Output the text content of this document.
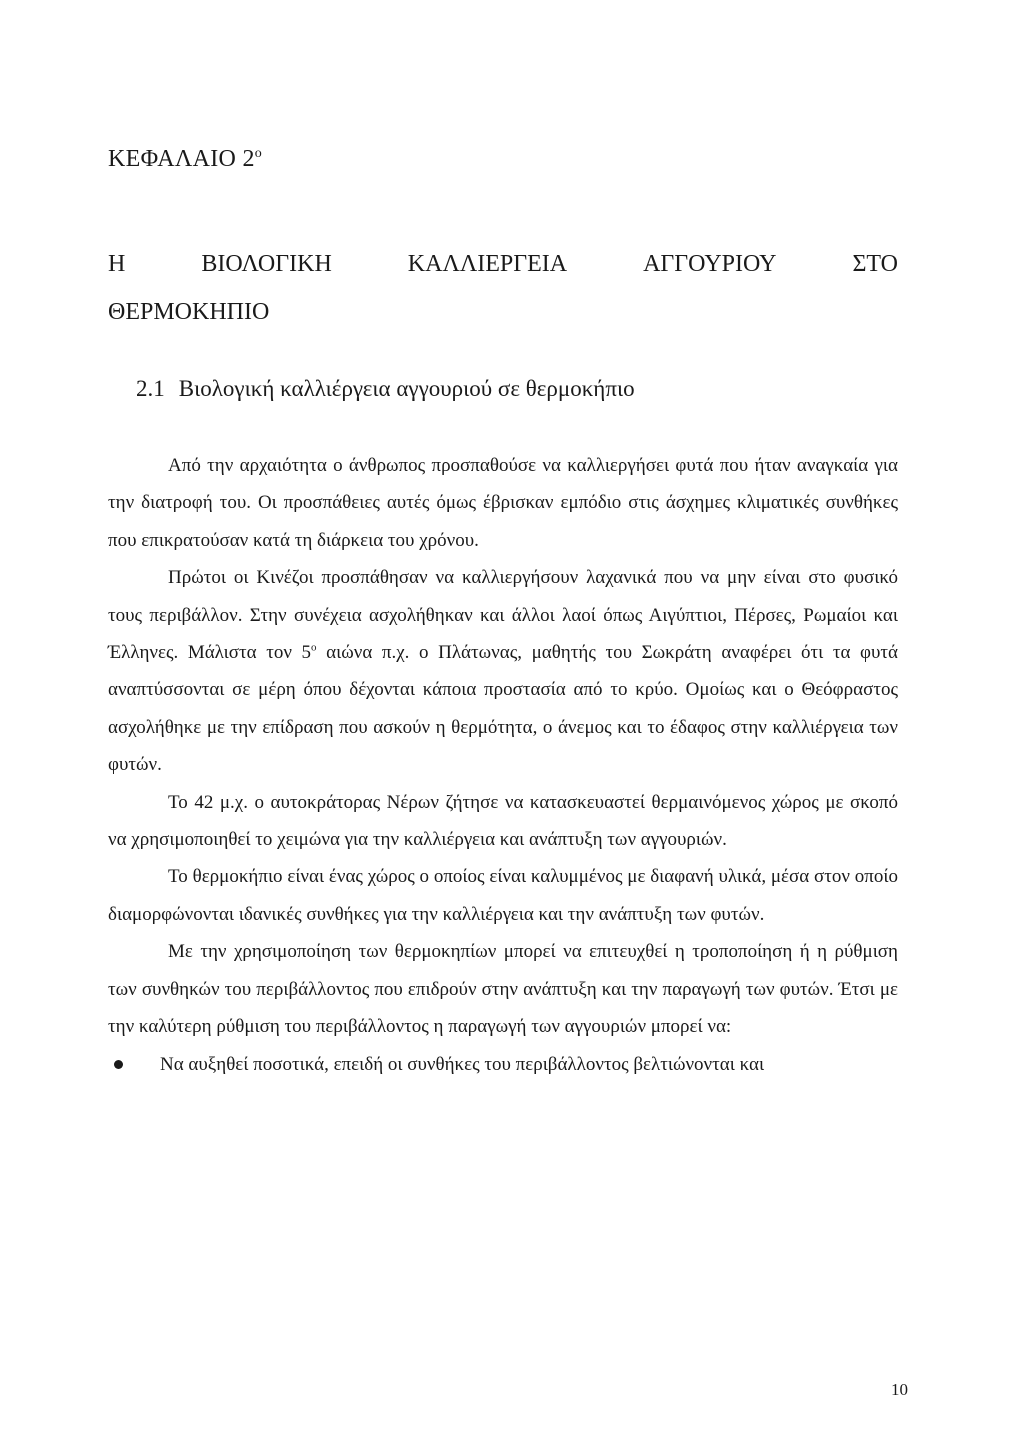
ΚΕΦΑΛΑΙΟ $2^o$
Η	ΒΙΟΛΟΓΙΚΗ	ΚΑΛΛΙΕΡΓΕΙΑ	ΑΓΓΟΥΡΙΟΥ	ΣΤΟ
ΘΕΡΜΟΚΗΠΙΟ
2.1 Βιολογική καλλιέργεια αγγουριού σε θερμοκήπιο

Από την αρχαιότητα ο άνθρωπος προσπαθούσε να καλλιεργήσει φυτά που ήταν αναγκαία για την διατροφή του. Οι προσπάθειες αυτές όμως έβρισκαν εμπόδιο στις άσχημες κλιματικές συνθήκες που επικρατούσαν κατά τη διάρκεια του χρόνου.

Πρώτοι οι Κινέζοι προσπάθησαν να καλλιεργήσουν λαχανικά που να μην είναι στο φυσικό τους περιβάλλον. Στην συνέχεια ασχολήθηκαν και άλλοι λαοί όπως Αιγύπτιοι, Πέρσες, Ρωμαίοι και Έλληνες. Μάλιστα τον $5^o$ αιώνα π.χ. ο Πλάτωνας, μαθητής του Σωκράτη αναφέρει ότι τα φυτά αναπτύσσονται σε μέρη όπου δέχονται κάποια προστασία από το κρύο. Ομοίως και ο Θεόφραστος ασχολήθηκε με την επίδραση που ασκούν η θερμότητα, ο άνεμος και το έδαφος στην καλλιέργεια των φυτών.

Το 42 μ.χ. ο αυτοκράτορας Νέρων ζήτησε να κατασκευαστεί θερμαινόμενος χώρος με σκοπό να χρησιμοποιηθεί το χειμώνα για την καλλιέργεια και ανάπτυξη των αγγουριών.

Το θερμοκήπιο είναι ένας χώρος ο οποίος είναι καλυμμένος με διαφανή υλικά, μέσα στον οποίο διαμορφώνονται ιδανικές συνθήκες για την καλλιέργεια και την ανάπτυξη των φυτών.

Με την χρησιμοποίηση των θερμοκηπίων μπορεί να επιτευχθεί η τροποποίηση ή η ρύθμιση των συνθηκών του περιβάλλοντος που επιδρούν στην ανάπτυξη και την παραγωγή των φυτών. Έτσι με την καλύτερη ρύθμιση του περιβάλλοντος η παραγωγή των αγγουριών μπορεί να:

Να αυξηθεί ποσοτικά, επειδή οι συνθήκες του περιβάλλοντος βελτιώνονται και
10
